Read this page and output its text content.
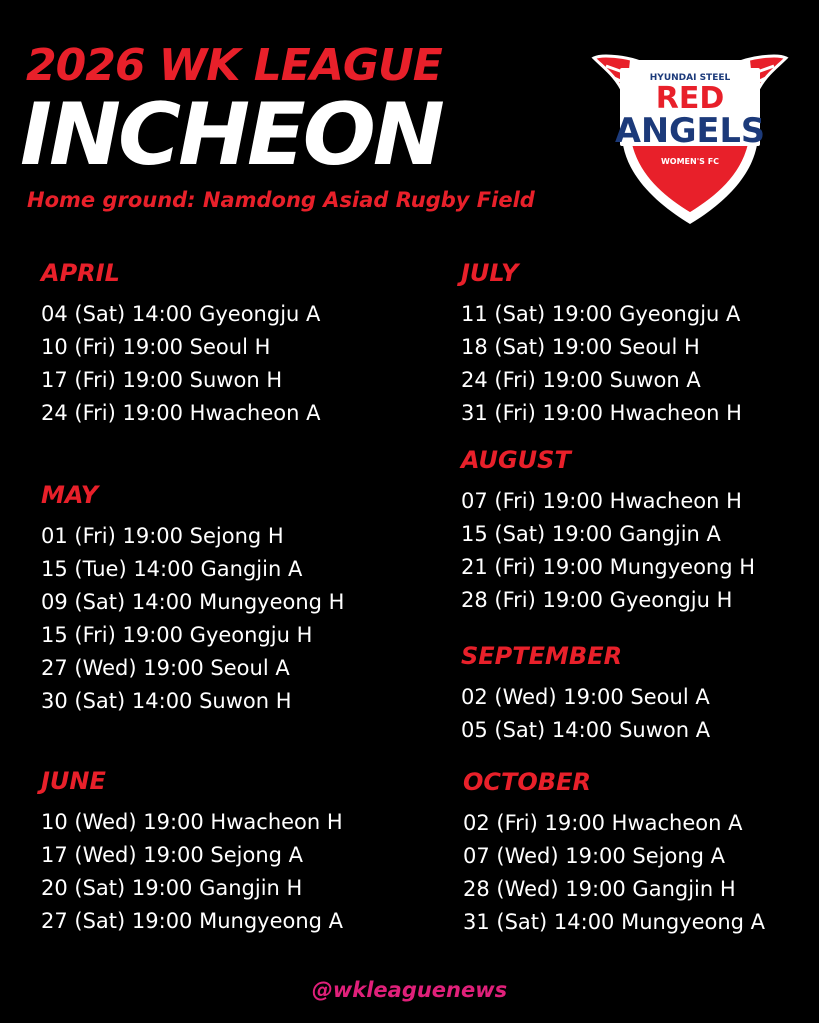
2026 WK LEAGUE
INCHEON
Home ground: Namdong Asiad Rugby Field
HYUNDAI STEEL
RED
ANGELS
WOMEN'S FC
APRIL
04 (Sat) 14:00 Gyeongju A
10 (Fri) 19:00 Seoul H
17 (Fri) 19:00 Suwon H
24 (Fri) 19:00 Hwacheon A
MAY
01 (Fri) 19:00 Sejong H
15 (Tue) 14:00 Gangjin A
09 (Sat) 14:00 Mungyeong H
15 (Fri) 19:00 Gyeongju H
27 (Wed) 19:00 Seoul A
30 (Sat) 14:00 Suwon H
JUNE
10 (Wed) 19:00 Hwacheon H
17 (Wed) 19:00 Sejong A
20 (Sat) 19:00 Gangjin H
27 (Sat) 19:00 Mungyeong A
JULY
11 (Sat) 19:00 Gyeongju A
18 (Sat) 19:00 Seoul H
24 (Fri) 19:00 Suwon A
31 (Fri) 19:00 Hwacheon H
AUGUST
07 (Fri) 19:00 Hwacheon H
15 (Sat) 19:00 Gangjin A
21 (Fri) 19:00 Mungyeong H
28 (Fri) 19:00 Gyeongju H
SEPTEMBER
02 (Wed) 19:00 Seoul A
05 (Sat) 14:00 Suwon A
OCTOBER
02 (Fri) 19:00 Hwacheon A
07 (Wed) 19:00 Sejong A
28 (Wed) 19:00 Gangjin H
31 (Sat) 14:00 Mungyeong A
@wkleaguenews
